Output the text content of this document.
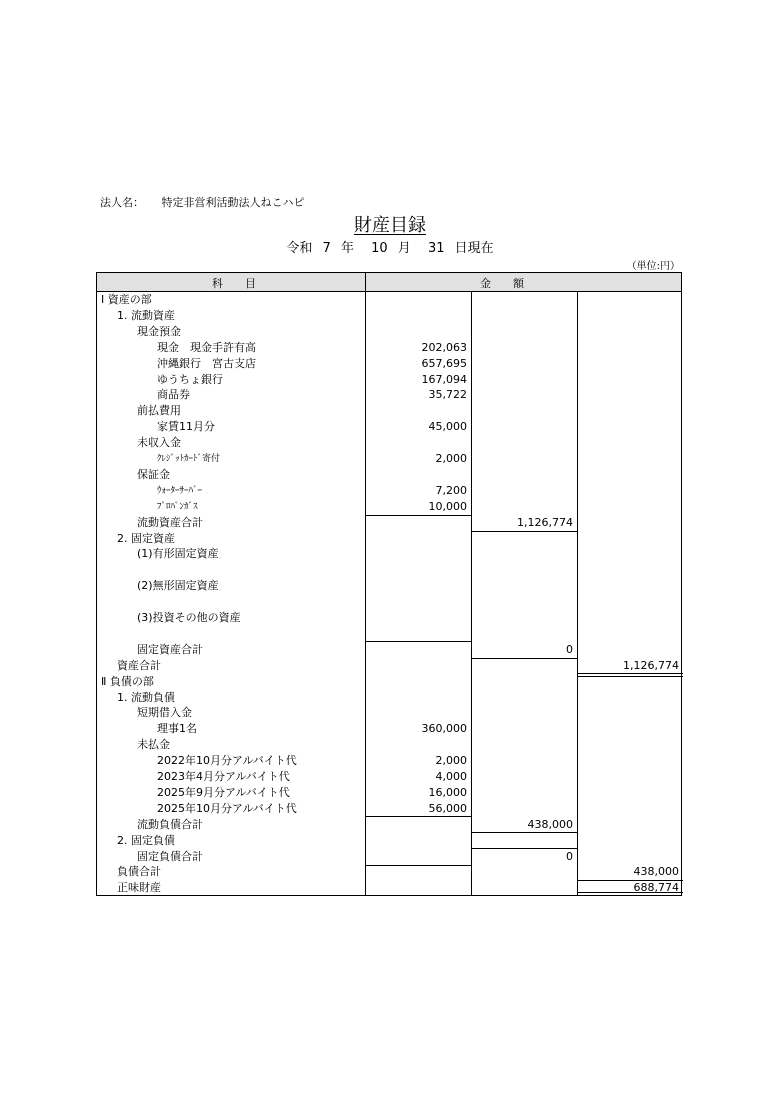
法人名： 特定非営利活動法人ねこハピ
財産目録
令和 7 年 10 月 31 日現在
（単位:円）
科　　目	金　　額
Ⅰ 資産の部
1. 流動資産
現金預金
現金　現金手許有高	202,063
沖縄銀行　宮古支店	657,695
ゆうちょ銀行	167,094
商品券	35,722
前払費用
家賃11月分	45,000
未収入金
ｸﾚｼﾞｯﾄｶｰﾄﾞ寄付	2,000
保証金
ｳｫｰﾀｰｻｰﾊﾞｰ	7,200
ﾌﾟﾛﾊﾟﾝｶﾞｽ	10,000
流動資産合計	1,126,774
2. 固定資産
(1)有形固定資産
(2)無形固定資産
(3)投資その他の資産
固定資産合計	0
資産合計	1,126,774
Ⅱ 負債の部
1. 流動負債
短期借入金
理事1名	360,000
未払金
2022年10月分アルバイト代	2,000
2023年4月分アルバイト代	4,000
2025年9月分アルバイト代	16,000
2025年10月分アルバイト代	56,000
流動負債合計	438,000
2. 固定負債
固定負債合計	0
負債合計	438,000
正味財産	688,774
